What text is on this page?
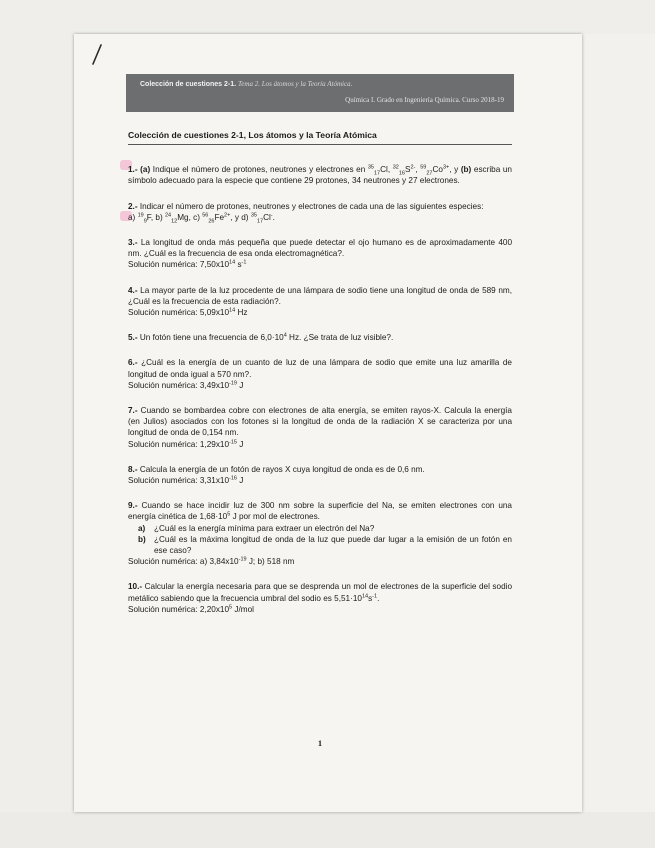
Colección de cuestiones 2-1. Tema 2. Los átomos y la Teoría Atómica.
Química I. Grado en Ingeniería Química. Curso 2018-19
Colección de cuestiones 2-1, Los átomos y la Teoría Atómica
1.- (a) Indique el número de protones, neutrones y electrones en $^{35}_{17}$Cl, $^{32}_{16}S^{2-}$, $^{59}_{27}Co^{3+}$, y (b) escriba un símbolo adecuado para la especie que contiene 29 protones, 34 neutrones y 27 electrones.
2.- Indicar el número de protones, neutrones y electrones de cada una de las siguientes especies:
a) $^{19}_9$F, b) $^{24}_{12}$Mg, c) $^{56}_{26}Fe^{2+}$, y d) $^{35}_{17}$Cl-.
3.- La longitud de onda más pequeña que puede detectar el ojo humano es de aproximadamente 400 nm. ¿Cuál es la frecuencia de esa onda electromagnética?.
Solución numérica: $7,50x10^{14}$ $s^{-1}$
4.- La mayor parte de la luz procedente de una lámpara de sodio tiene una longitud de onda de 589 nm, ¿Cuál es la frecuencia de esta radiación?.
Solución numérica: $5,09x10^{14}$ Hz
5.- Un fotón tiene una frecuencia de $6,0\cdot 10^4$ Hz. ¿Se trata de luz visible?.
6.- ¿Cuál es la energía de un cuanto de luz de una lámpara de sodio que emite una luz amarilla de longitud de onda igual a 570 nm?.
Solución numérica: $3,49x10^{-19}$ J
7.- Cuando se bombardea cobre con electrones de alta energía, se emiten rayos-X. Calcula la energía (en Julios) asociados con los fotones si la longitud de onda de la radiación X se caracteriza por una longitud de onda de 0,154 nm.
Solución numérica: $1,29x10^{-15}$ J
8.- Calcula la energía de un fotón de rayos X cuya longitud de onda es de 0,6 nm.
Solución numérica: $3,31x10^{-16}$ J
9.- Cuando se hace incidir luz de 300 nm sobre la superficie del Na, se emiten electrones con una energía cinética de $1,68\cdot 10^5$ J por mol de electrones.
a) ¿Cuál es la energía mínima para extraer un electrón del Na?
b) ¿Cuál es la máxima longitud de onda de la luz que puede dar lugar a la emisión de un fotón en ese caso?
Solución numérica: a) $3,84x10^{-19}$ J; b) 518 nm
10.- Calcular la energía necesaria para que se desprenda un mol de electrones de la superficie del sodio metálico sabiendo que la frecuencia umbral del sodio es $5,51\cdot 10^{14}s^{-1}$.
Solución numérica: $2,20x10^5$ J/mol
1
